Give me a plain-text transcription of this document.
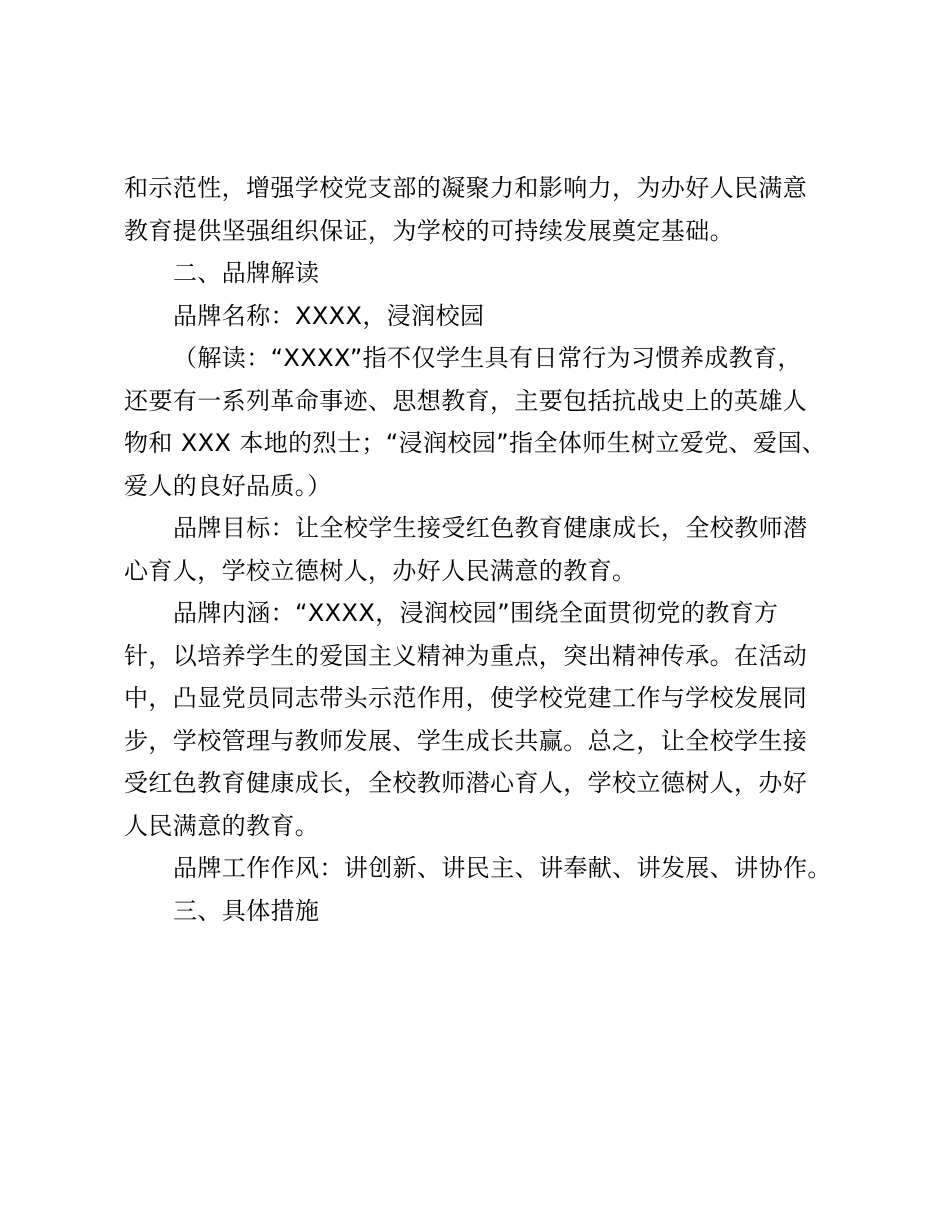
和示范性，增强学校党支部的凝聚力和影响力，为办好人民满意
教育提供坚强组织保证，为学校的可持续发展奠定基础。
二、品牌解读
品牌名称：XXXX，浸润校园
（解读：“XXXX”指不仅学生具有日常行为习惯养成教育，
还要有一系列革命事迹、思想教育，主要包括抗战史上的英雄人
物和 XXX 本地的烈士；“浸润校园”指全体师生树立爱党、爱国、
爱人的良好品质。）
品牌目标：让全校学生接受红色教育健康成长，全校教师潜
心育人，学校立德树人，办好人民满意的教育。
品牌内涵：“XXXX，浸润校园”围绕全面贯彻党的教育方
针，以培养学生的爱国主义精神为重点，突出精神传承。在活动
中，凸显党员同志带头示范作用，使学校党建工作与学校发展同
步，学校管理与教师发展、学生成长共赢。总之，让全校学生接
受红色教育健康成长，全校教师潜心育人，学校立德树人，办好
人民满意的教育。
品牌工作作风：讲创新、讲民主、讲奉献、讲发展、讲协作。
三、具体措施
